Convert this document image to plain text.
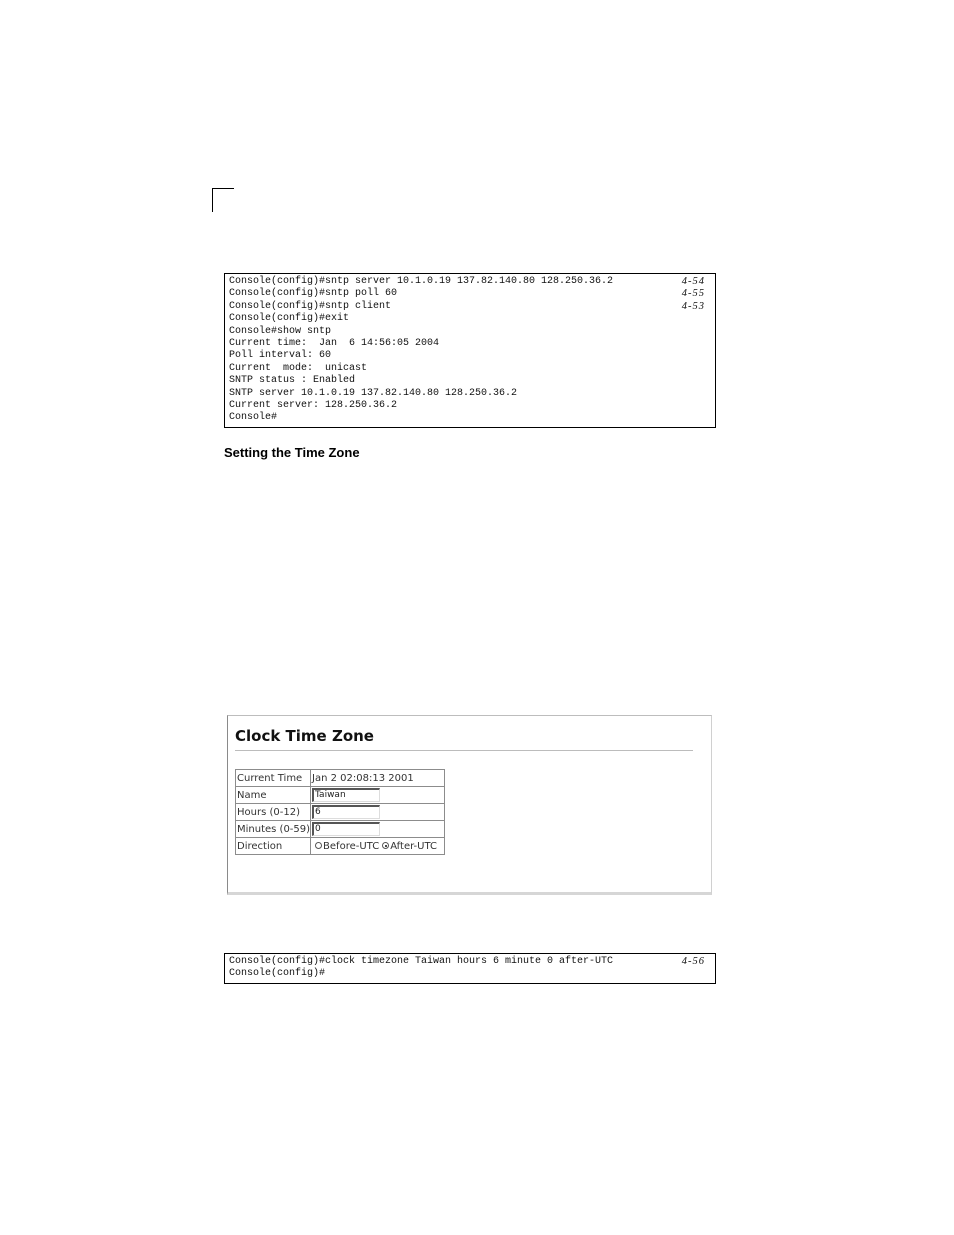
Console(config)#sntp server 10.1.0.19 137.82.140.80 128.250.36.2	4-54
Console(config)#sntp poll 60	4-55
Console(config)#sntp client	4-53
Console(config)#exit
Console#show sntp
Current time:  Jan  6 14:56:05 2004
Poll interval: 60
Current  mode:  unicast
SNTP status : Enabled
SNTP server 10.1.0.19 137.82.140.80 128.250.36.2
Current server: 128.250.36.2
Console#
Setting the Time Zone
Clock Time Zone
Current Time	Jan 2 02:08:13 2001
Name	Taiwan
Hours (0-12)	6
Minutes (0-59)	0
Direction	Before-UTC After-UTC
Console(config)#clock timezone Taiwan hours 6 minute 0 after-UTC	4-56
Console(config)#
